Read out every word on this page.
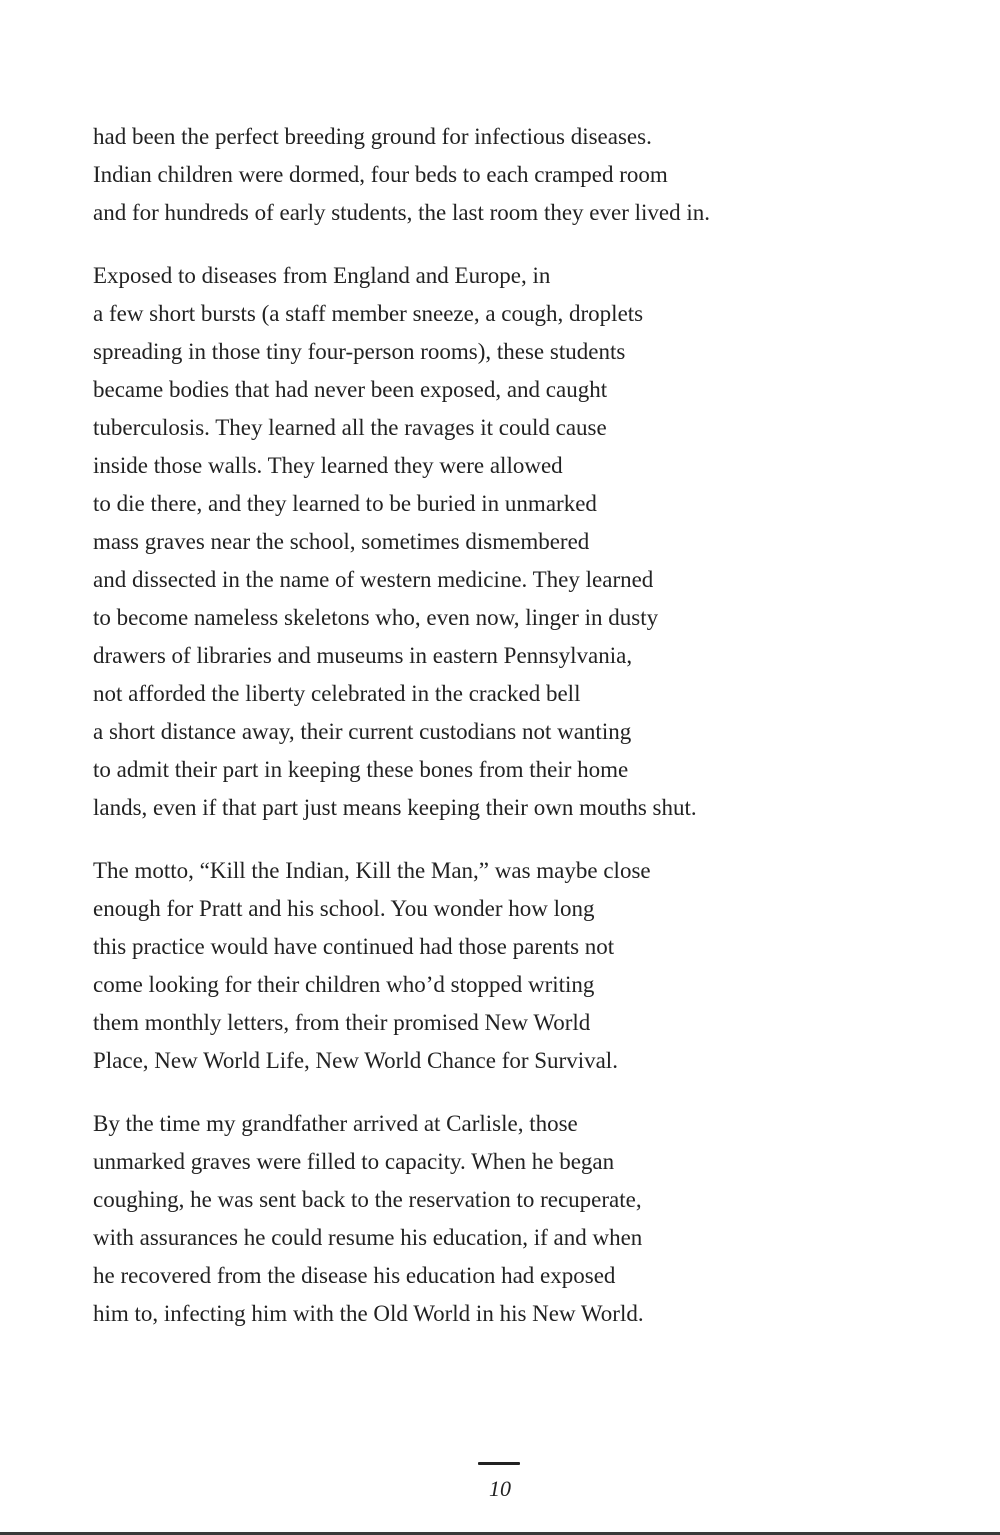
had been the perfect breeding ground for infectious diseases.
Indian children were dormed, four beds to each cramped room
and for hundreds of early students, the last room they ever lived in.
Exposed to diseases from England and Europe, in
a few short bursts (a staff member sneeze, a cough, droplets
spreading in those tiny four-person rooms), these students
became bodies that had never been exposed, and caught
tuberculosis. They learned all the ravages it could cause
inside those walls. They learned they were allowed
to die there, and they learned to be buried in unmarked
mass graves near the school, sometimes dismembered
and dissected in the name of western medicine. They learned
to become nameless skeletons who, even now, linger in dusty
drawers of libraries and museums in eastern Pennsylvania,
not afforded the liberty celebrated in the cracked bell
a short distance away, their current custodians not wanting
to admit their part in keeping these bones from their home
lands, even if that part just means keeping their own mouths shut.
The motto, “Kill the Indian, Kill the Man,” was maybe close
enough for Pratt and his school. You wonder how long
this practice would have continued had those parents not
come looking for their children who’d stopped writing
them monthly letters, from their promised New World
Place, New World Life, New World Chance for Survival.
By the time my grandfather arrived at Carlisle, those
unmarked graves were filled to capacity. When he began
coughing, he was sent back to the reservation to recuperate,
with assurances he could resume his education, if and when
he recovered from the disease his education had exposed
him to, infecting him with the Old World in his New World.
10
